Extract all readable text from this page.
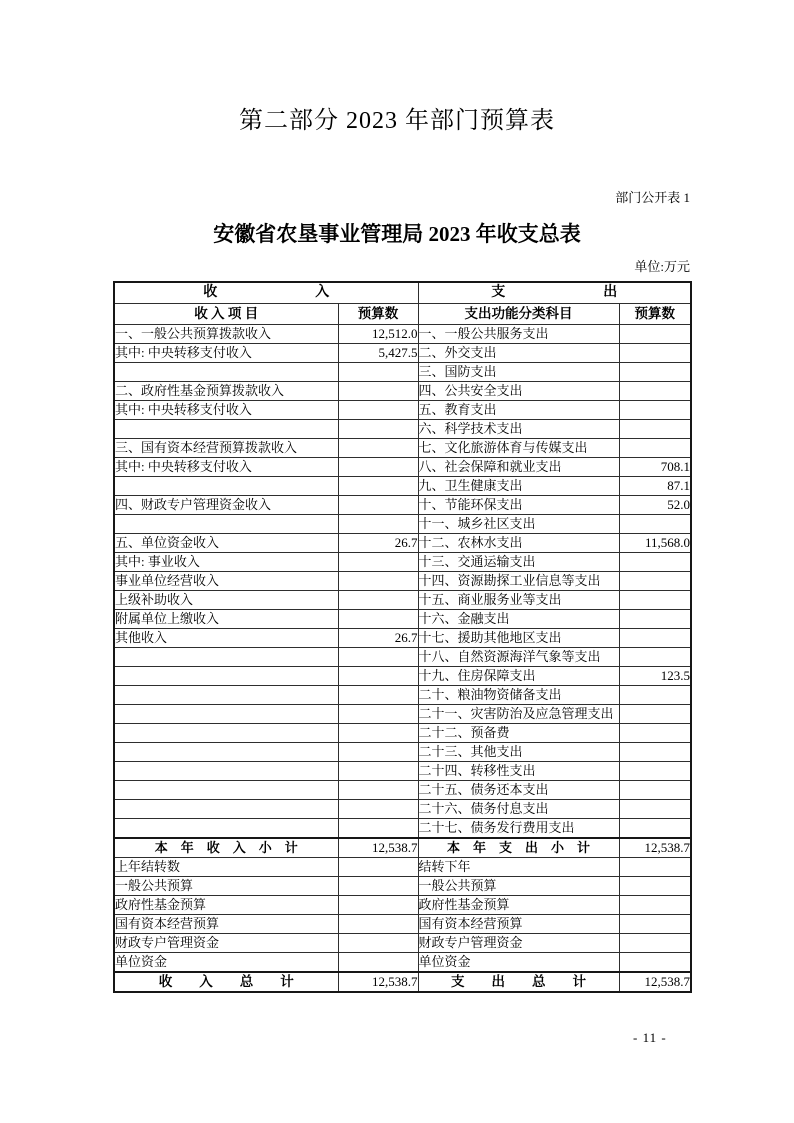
第二部分 2023 年部门预算表
部门公开表 1
安徽省农垦事业管理局 2023 年收支总表
单位:万元
收　　　　　　　入		支　　　　　　　出	
收 入 项 目	预算数	支出功能分类科目	预算数
一、一般公共预算拨款收入	12,512.0	一、一般公共服务支出	
其中: 中央转移支付收入	5,427.5	二、外交支出	
		三、国防支出	
二、政府性基金预算拨款收入		四、公共安全支出	
其中: 中央转移支付收入		五、教育支出	
		六、科学技术支出	
三、国有资本经营预算拨款收入		七、文化旅游体育与传媒支出	
其中: 中央转移支付收入		八、社会保障和就业支出	708.1
		九、卫生健康支出	87.1
四、财政专户管理资金收入		十、节能环保支出	52.0
		十一、城乡社区支出	
五、单位资金收入	26.7	十二、农林水支出	11,568.0
其中: 事业收入		十三、交通运输支出	
事业单位经营收入		十四、资源勘探工业信息等支出	
上级补助收入		十五、商业服务业等支出	
附属单位上缴收入		十六、金融支出	
其他收入	26.7	十七、援助其他地区支出	
		十八、自然资源海洋气象等支出	
		十九、住房保障支出	123.5
		二十、粮油物资储备支出	
		二十一、灾害防治及应急管理支出	
		二十二、预备费	
		二十三、其他支出	
		二十四、转移性支出	
		二十五、债务还本支出	
		二十六、债务付息支出	
		二十七、债务发行费用支出	
本　年　收　入　小　计	12,538.7	本　年　支　出　小　计	12,538.7
上年结转数		结转下年	
一般公共预算		一般公共预算	
政府性基金预算		政府性基金预算	
国有资本经营预算		国有资本经营预算	
财政专户管理资金		财政专户管理资金	
单位资金		单位资金	
收　　入　　总　　计	12,538.7	支　　出　　总　　计	12,538.7
- 11 -
